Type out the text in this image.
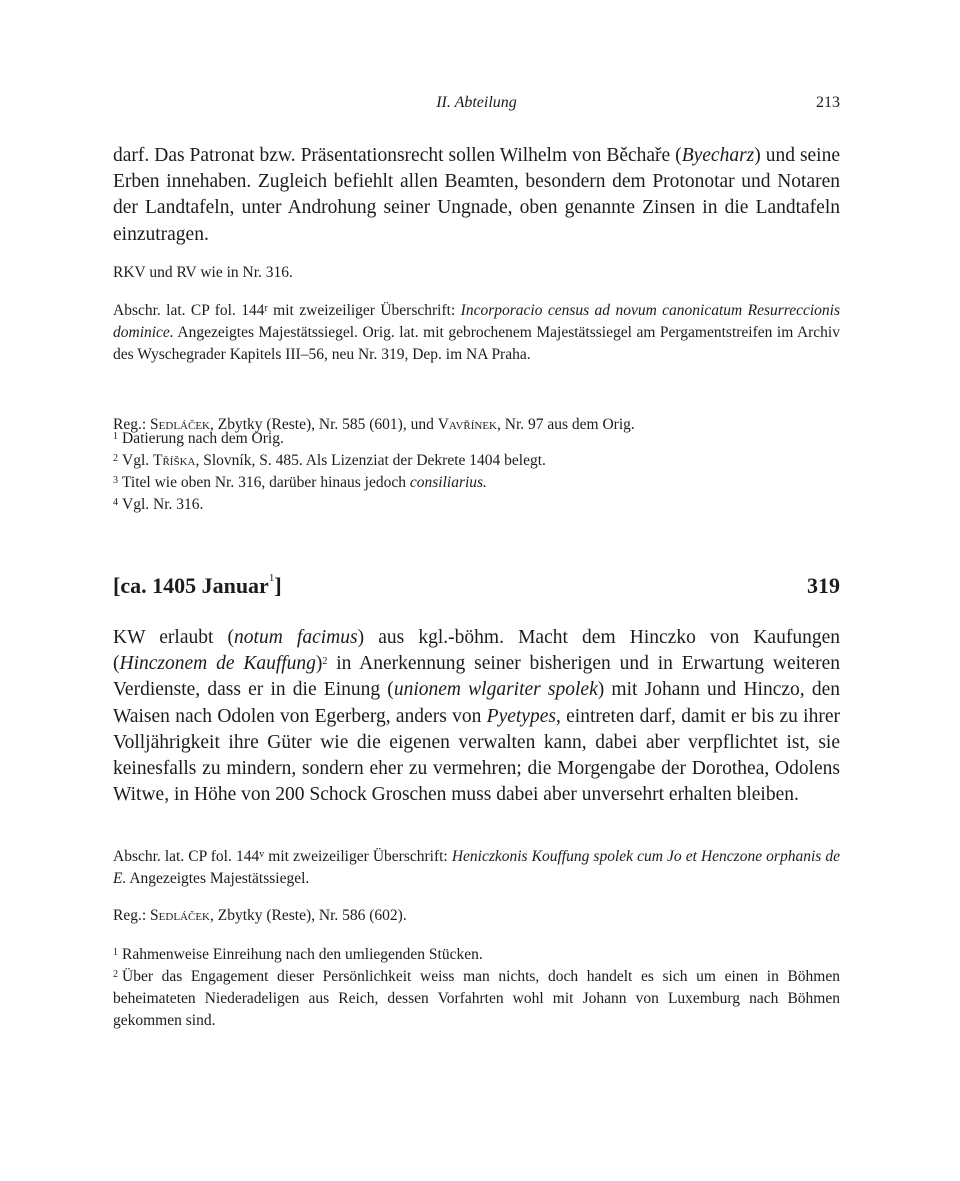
II. Abteilung	213

darf. Das Patronat bzw. Präsentationsrecht sollen Wilhelm von Běchaře (Byecharz) und seine Erben innehaben. Zugleich befiehlt allen Beamten, besondern dem Protonotar und Notaren der Landtafeln, unter Androhung seiner Ungnade, oben genannte Zinsen in die Landtafeln einzutragen.

RKV und RV wie in Nr. 316.

Abschr. lat. CP fol. 144$^r$ mit zweizeiliger Überschrift: Incorporacio census ad novum canonicatum Resurreccionis dominice. Angezeigtes Majestätssiegel. Orig. lat. mit gebrochenem Majestätssiegel am Pergamentstreifen im Archiv des Wyschegrader Kapitels III–56, neu Nr. 319, Dep. im NA Praha.

Reg.: Sedláček, Zbytky (Reste), Nr. 585 (601), und Vavřínek, Nr. 97 aus dem Orig.

$^1$ Datierung nach dem Orig.

$^2$ Vgl. Tříška, Slovník, S. 485. Als Lizenziat der Dekrete 1404 belegt.

$^3$ Titel wie oben Nr. 316, darüber hinaus jedoch consiliarius.

$^4$ Vgl. Nr. 316.

[ca. 1405 Januar$^1$]	319

KW erlaubt (notum facimus) aus kgl.-böhm. Macht dem Hinczko von Kaufungen (Hinczonem de Kauffung)$^2$ in Anerkennung seiner bisherigen und in Erwartung weiteren Verdienste, dass er in die Einung (unionem wlgariter spolek) mit Johann und Hinczo, den Waisen nach Odolen von Egerberg, anders von Pyetypes, eintreten darf, damit er bis zu ihrer Volljährigkeit ihre Güter wie die eigenen verwalten kann, dabei aber verpflichtet ist, sie keinesfalls zu mindern, sondern eher zu vermehren; die Morgengabe der Dorothea, Odolens Witwe, in Höhe von 200 Schock Groschen muss dabei aber unversehrt erhalten bleiben.

Abschr. lat. CP fol. 144$^v$ mit zweizeiliger Überschrift: Heniczkonis Kouffung spolek cum Jo et Henczone orphanis de E. Angezeigtes Majestätssiegel.

Reg.: Sedláček, Zbytky (Reste), Nr. 586 (602).

$^1$ Rahmenweise Einreihung nach den umliegenden Stücken.

$^2$ Über das Engagement dieser Persönlichkeit weiss man nichts, doch handelt es sich um einen in Böhmen beheimateten Niederadeligen aus Reich, dessen Vorfahrten wohl mit Johann von Luxemburg nach Böhmen gekommen sind.
